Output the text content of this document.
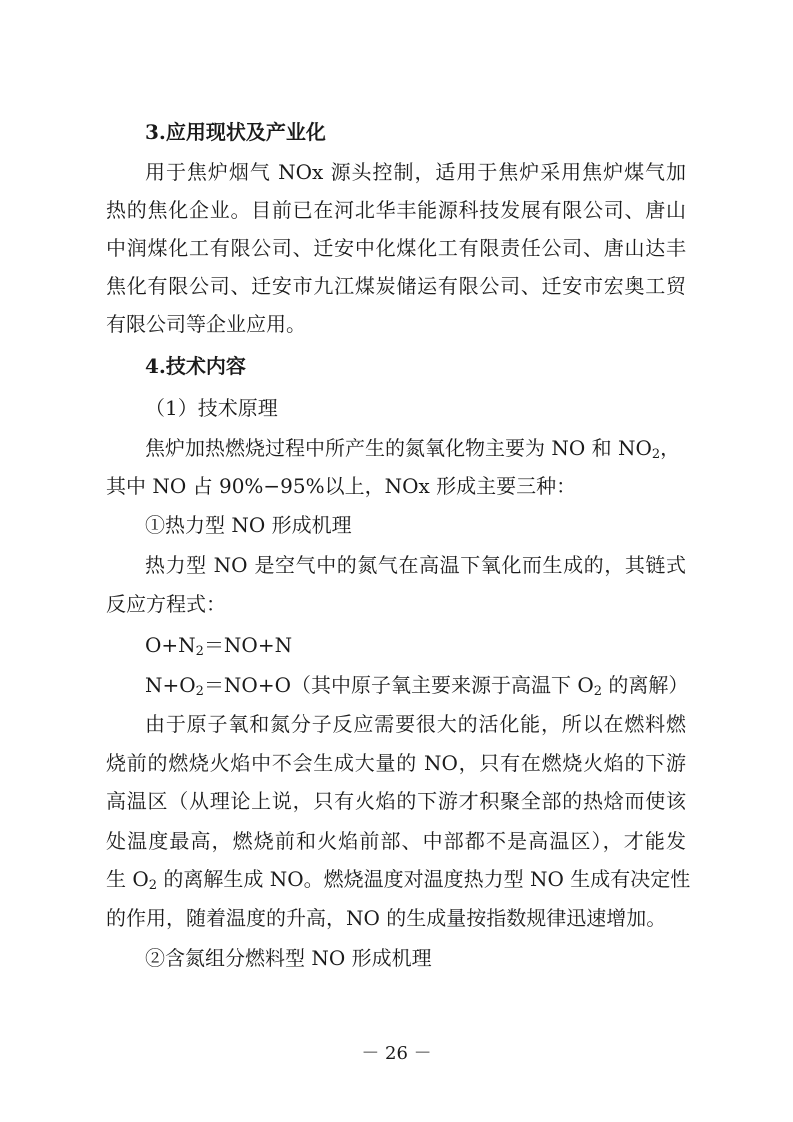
3.应用现状及产业化

用于焦炉烟气 NOx 源头控制，适用于焦炉采用焦炉煤气加

热的焦化企业。目前已在河北华丰能源科技发展有限公司、唐山

中润煤化工有限公司、迁安中化煤化工有限责任公司、唐山达丰

焦化有限公司、迁安市九江煤炭储运有限公司、迁安市宏奥工贸

有限公司等企业应用。

4.技术内容

（1）技术原理

焦炉加热燃烧过程中所产生的氮氧化物主要为 NO 和 $NO_2$，

其中 NO 占 90%−95%以上，NOx 形成主要三种：

①热力型 NO 形成机理

热力型 NO 是空气中的氮气在高温下氧化而生成的，其链式

反应方程式：

$O+N_2=NO+N$

$N+O_2=NO+O$（其中原子氧主要来源于高温下 $O_2$ 的离解）

由于原子氧和氮分子反应需要很大的活化能，所以在燃料燃

烧前的燃烧火焰中不会生成大量的 NO，只有在燃烧火焰的下游

高温区（从理论上说，只有火焰的下游才积聚全部的热焓而使该

处温度最高，燃烧前和火焰前部、中部都不是高温区），才能发

生 $O_2$ 的离解生成 NO。燃烧温度对温度热力型 NO 生成有决定性

的作用，随着温度的升高，NO 的生成量按指数规律迅速增加。

②含氮组分燃料型 NO 形成机理

－ 26 －
